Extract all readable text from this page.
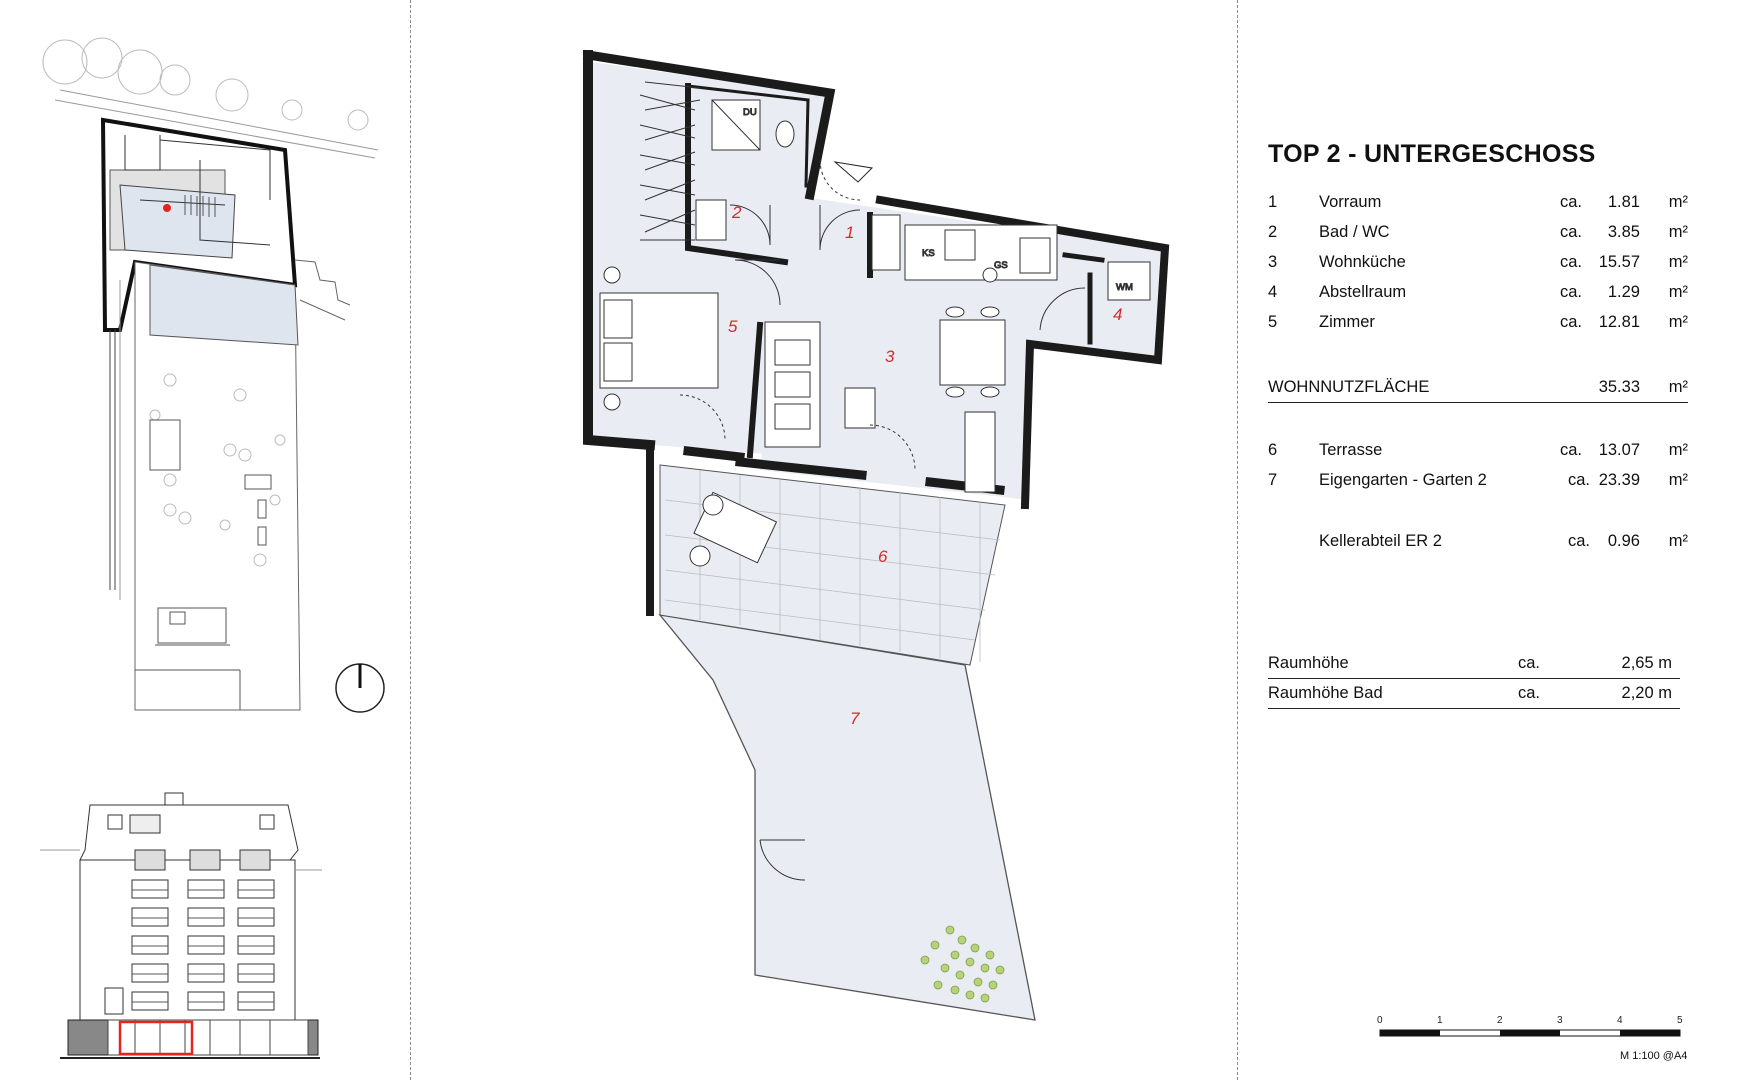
DU
KS
GS
WM
1
2
3
4
5
6
7
0	1	2	3	4	5
TOP 2 - UNTERGESCHOSS
1	Vorraum	ca. 1.81 m²
2	Bad / WC	ca. 3.85 m²
3	Wohnküche	ca. 15.57 m²
4	Abstellraum	ca. 1.29 m²
5	Zimmer	ca. 12.81 m²
WOHNNUTZFLÄCHE	35.33 m²
6	Terrasse	ca. 13.07 m²
7	Eigengarten - Garten 2	ca. 23.39 m²
Kellerabteil ER 2	ca. 0.96 m²
Raumhöhe	ca.	2,65 m
Raumhöhe Bad	ca.	2,20 m
M 1:100 @A4
